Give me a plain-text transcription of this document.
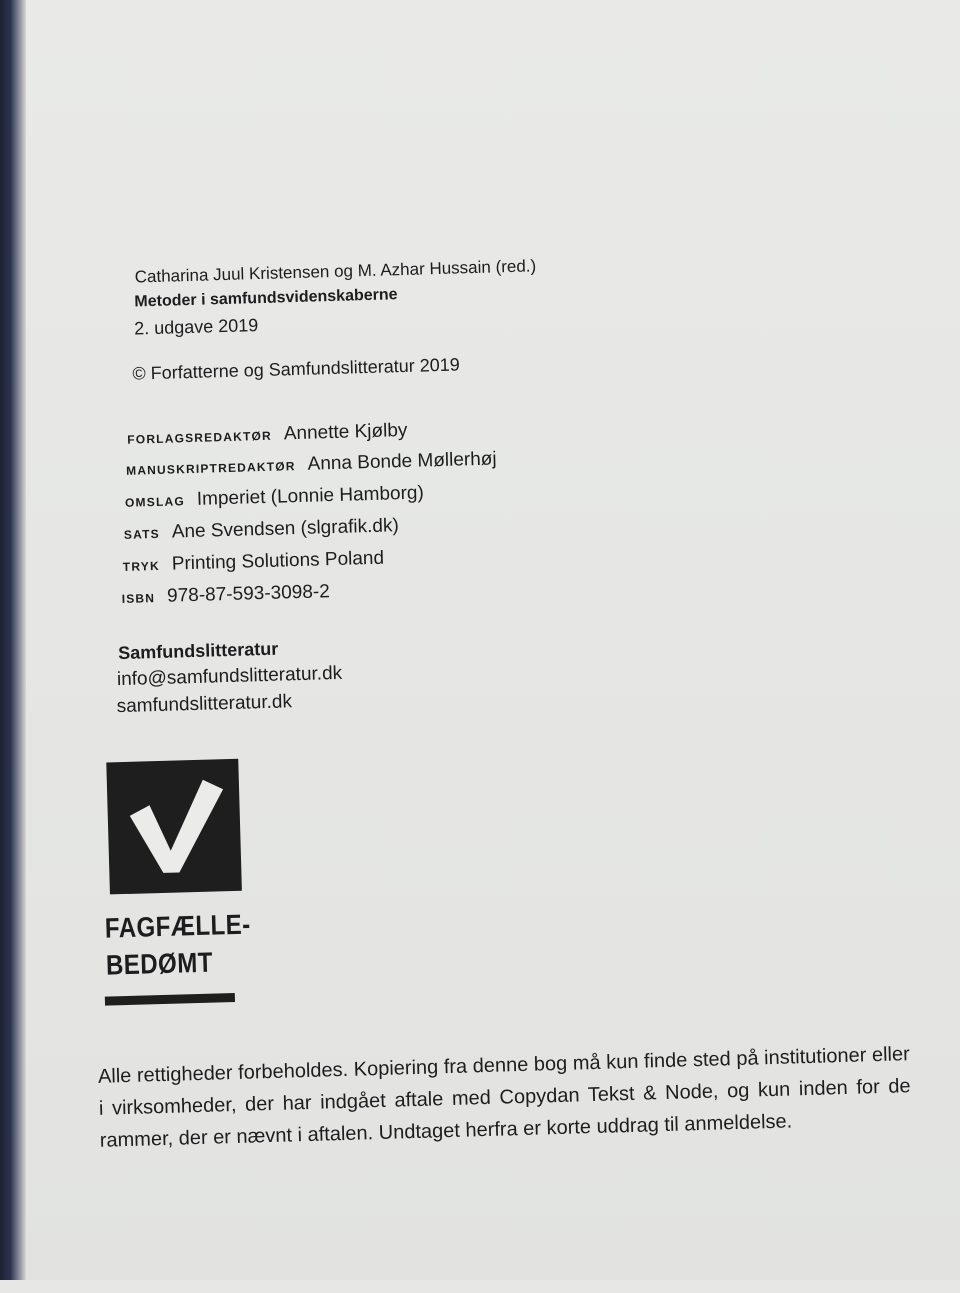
Catharina Juul Kristensen og M. Azhar Hussain (red.)
Metoder i samfundsvidenskaberne
2. udgave 2019
© Forfatterne og Samfundslitteratur 2019
FORLAGSREDAKTØR Annette Kjølby
MANUSKRIPTREDAKTØR Anna Bonde Møllerhøj
OMSLAG Imperiet (Lonnie Hamborg)
SATS Ane Svendsen (slgrafik.dk)
TRYK Printing Solutions Poland
ISBN 978-87-593-3098-2
Samfundslitteratur
info@samfundslitteratur.dk
samfundslitteratur.dk
FAGFÆLLE-
BEDØMT
Alle rettigheder forbeholdes. Kopiering fra denne bog må kun finde sted på institutioner eller i virksomheder, der har indgået aftale med Copydan Tekst & Node, og kun inden for de rammer, der er nævnt i aftalen. Undtaget herfra er korte uddrag til anmeldelse.
